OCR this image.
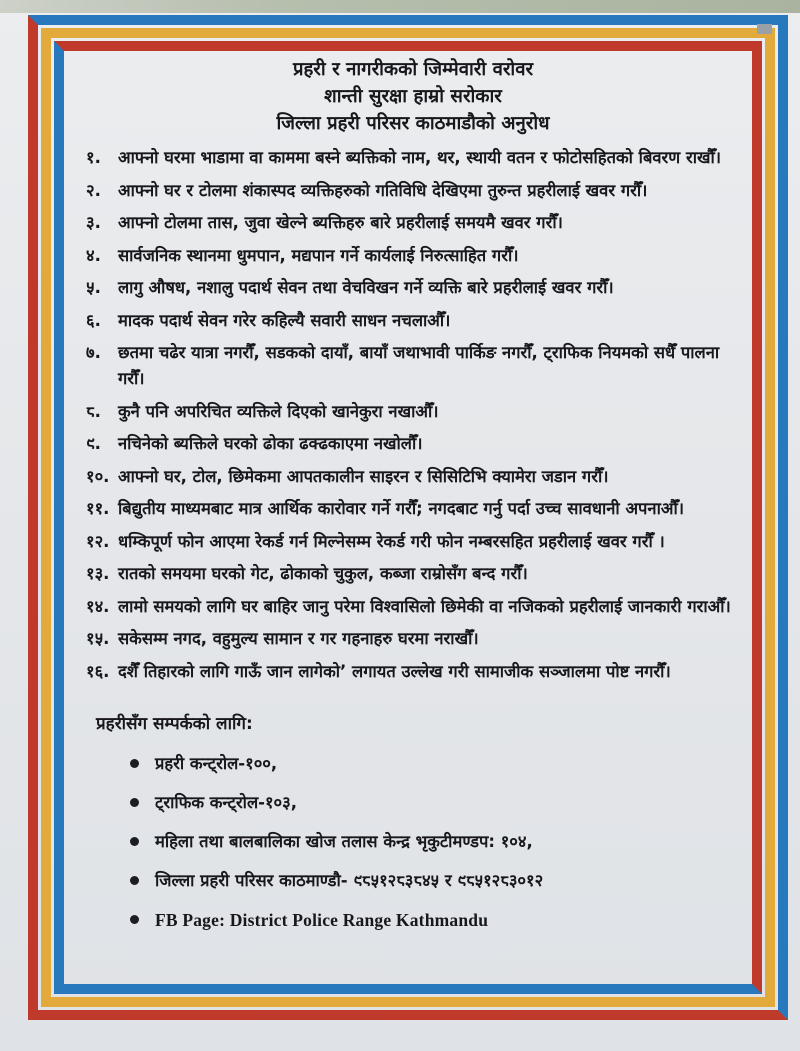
प्रहरी र नागरीकको जिम्मेवारी वरोवर
शान्ती सुरक्षा हाम्रो सरोकार
जिल्ला प्रहरी परिसर काठमाडौको अनुरोध
१.	आफ्नो घरमा भाडामा वा काममा बस्ने ब्यक्तिको नाम, थर, स्थायी वतन र फोटोसहितको बिवरण राखौँ।
२.	आफ्नो घर र टोलमा शंकास्पद व्यक्तिहरुको गतिविधि देखिएमा तुरुन्त प्रहरीलाई खवर गरौँ।
३.	आफ्नो टोलमा तास, जुवा खेल्ने ब्यक्तिहरु बारे प्रहरीलाई समयमै खवर गरौँ।
४.	सार्वजनिक स्थानमा धुमपान, मद्यपान गर्ने कार्यलाई निरुत्साहित गरौँ।
५.	लागु औषध, नशालु पदार्थ सेवन तथा वेचविखन गर्ने व्यक्ति बारे प्रहरीलाई खवर गरौँ।
६.	मादक पदार्थ सेवन गरेर कहिल्यै सवारी साधन नचलाऔँ।
७.	छतमा चढेर यात्रा नगरौँ, सडकको दायाँ, बायाँ जथाभावी पार्किङ नगरौँ, ट्राफिक नियमको सधैँ पालना गरौँ।
८.	कुनै पनि अपरिचित व्यक्तिले दिएको खानेकुरा नखाऔँ।
९.	नचिनेको ब्यक्तिले घरको ढोका ढक्ढकाएमा नखोलौँ।
१०. आफ्नो घर, टोल, छिमेकमा आपतकालीन साइरन र सिसिटिभि क्यामेरा जडान गरौँ।
११. बिद्युतीय माध्यमबाट मात्र आर्थिक कारोवार गर्ने गरौँ; नगदबाट गर्नु पर्दा उच्च सावधानी अपनाऔँ।
१२. धम्किपूर्ण फोन आएमा रेकर्ड गर्न मिल्नेसम्म रेकर्ड गरी फोन नम्बरसहित प्रहरीलाई खवर गरौँ ।
१३. रातको समयमा घरको गेट, ढोकाको चुकुल, कब्जा राम्रोसँग बन्द गरौँ।
१४. लामो समयको लागि घर बाहिर जानु परेमा विश्वासिलो छिमेकी वा नजिकको प्रहरीलाई जानकारी गराऔँ।
१५. सकेसम्म नगद, वहुमुल्य सामान र गर गहनाहरु घरमा नराखौँ।
१६. दशैँ तिहारको लागि गाऊँ जान लागेको’ लगायत उल्लेख गरी सामाजीक सञ्जालमा पोष्ट नगरौँ।
प्रहरीसँग सम्पर्कको लागि:
प्रहरी कन्ट्रोल-१००,
ट्राफिक कन्ट्रोल-१०३,
महिला तथा बालबालिका खोज तलास केन्द्र भृकुटीमण्डप: १०४,
जिल्ला प्रहरी परिसर काठमाण्डौ- ९८५१२८३८४५ र ९८५१२८३०१२
FB Page: District Police Range Kathmandu
